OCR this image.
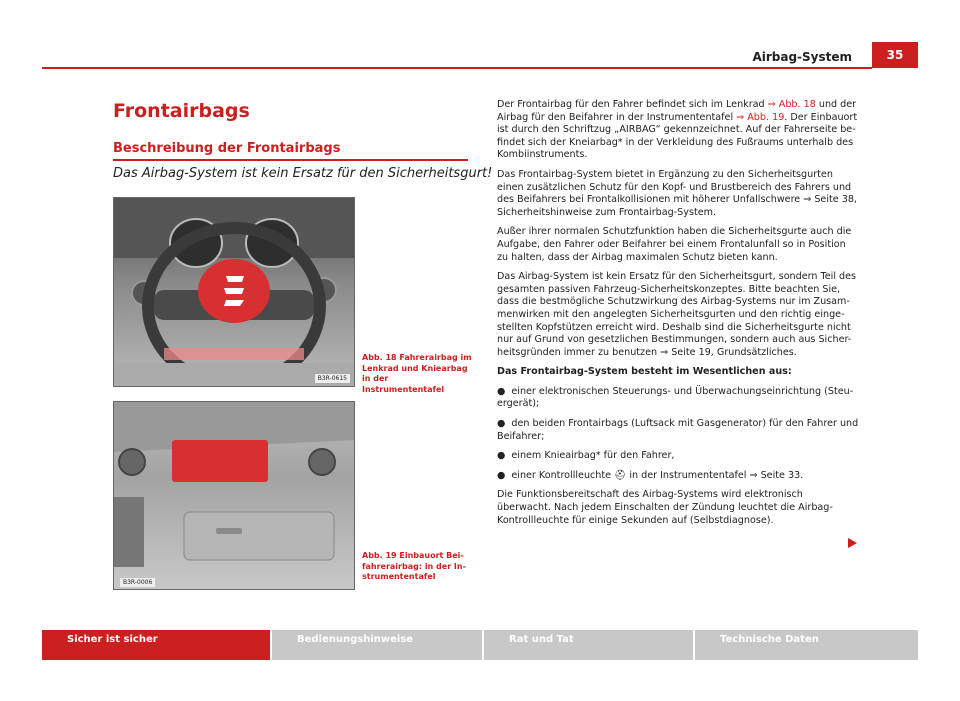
Airbag-System	35
Frontairbags
Beschreibung der Frontairbags
Das Airbag-System ist kein Ersatz für den Sicherheitsgurt!
B3R-0615
Abb. 18 Fahrerairbag im Lenkrad und Kniearbag in der Instrumententafel
B3R-0006
Abb. 19 Einbauort Bei-fahrerairbag: in der In-strumententafel

Der Frontairbag für den Fahrer befindet sich im Lenkrad ⇒ Abb. 18 und der Airbag für den Beifahrer in der Instrumententafel ⇒ Abb. 19. Der Einbauort ist durch den Schriftzug „AIRBAG“ gekennzeichnet. Auf der Fahrerseite be-findet sich der Kneiarbag* in der Verkleidung des Fußraums unterhalb des Kombiinstruments.

Das Frontairbag-System bietet in Ergänzung zu den Sicherheitsgurten einen zusätzlichen Schutz für den Kopf- und Brustbereich des Fahrers und des Beifahrers bei Frontalkollisionen mit höherer Unfallschwere ⇒ Seite 38, Sicherheitshinweise zum Frontairbag-System.

Außer ihrer normalen Schutzfunktion haben die Sicherheitsgurte auch die Aufgabe, den Fahrer oder Beifahrer bei einem Frontalunfall so in Position zu halten, dass der Airbag maximalen Schutz bieten kann.

Das Airbag-System ist kein Ersatz für den Sicherheitsgurt, sondern Teil des gesamten passiven Fahrzeug-Sicherheitskonzeptes. Bitte beachten Sie, dass die bestmögliche Schutzwirkung des Airbag-Systems nur im Zusam-menwirken mit den angelegten Sicherheitsgurten und den richtig einge-stellten Kopfstützen erreicht wird. Deshalb sind die Sicherheitsgurte nicht nur auf Grund von gesetzlichen Bestimmungen, sondern auch aus Sicher-heitsgründen immer zu benutzen ⇒ Seite 19, Grundsätzliches.

Das Frontairbag-System besteht im Wesentlichen aus:

● einer elektronischen Steuerungs- und Überwachungseinrichtung (Steu-ergerät);

● den beiden Frontairbags (Luftsack mit Gasgenerator) für den Fahrer und Beifahrer;

● einem Knieairbag* für den Fahrer,

● einer Kontrollleuchte ⛑ in der Instrumententafel ⇒ Seite 33.

Die Funktionsbereitschaft des Airbag-Systems wird elektronisch überwacht. Nach jedem Einschalten der Zündung leuchtet die Airbag-Kontrollleuchte für einige Sekunden auf (Selbstdiagnose).

Sicher ist sicher	Bedienungshinweise	Rat und Tat	Technische Daten
